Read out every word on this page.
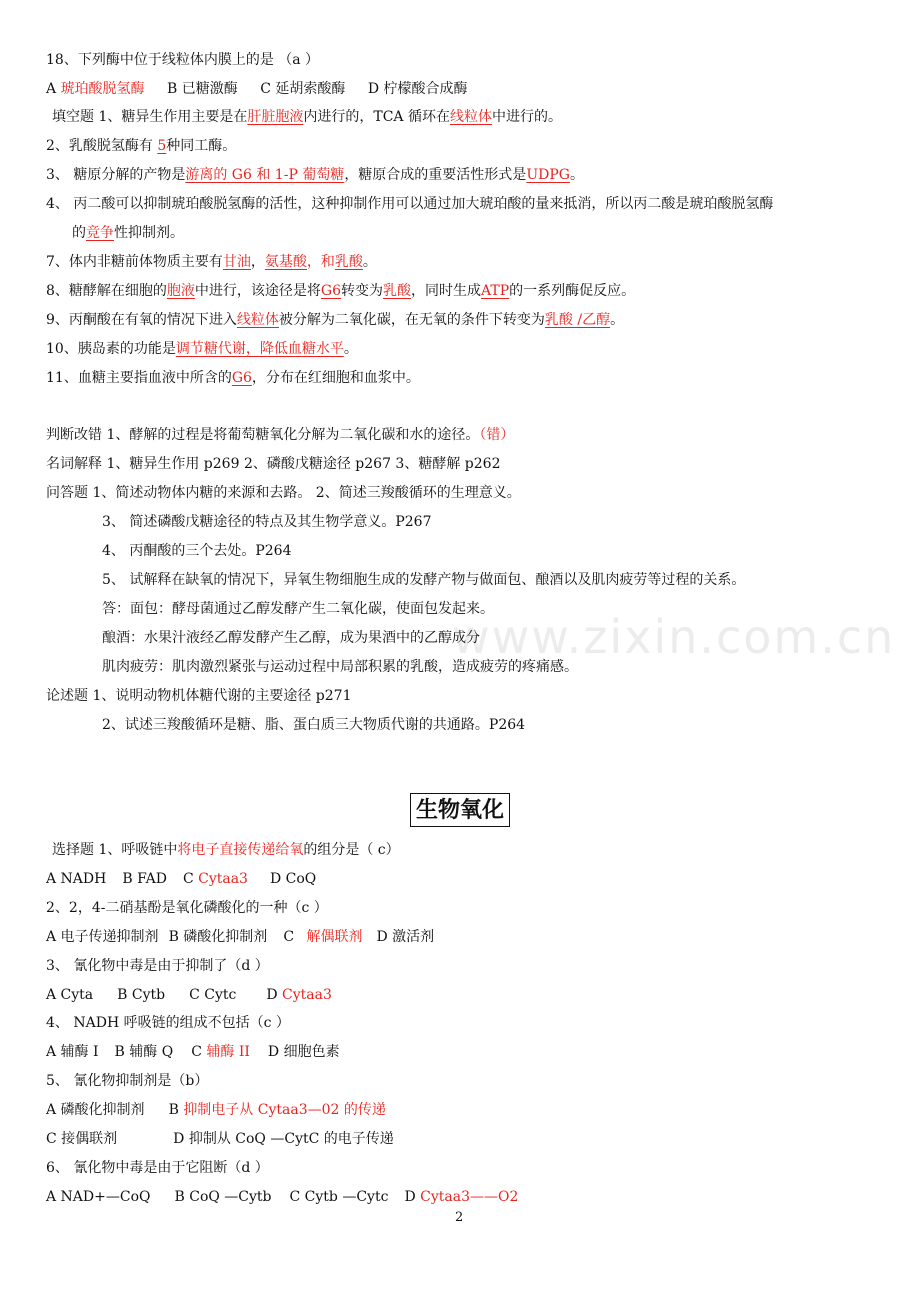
www.zixin.com.cn
18、下列酶中位于线粒体内膜上的是 （a ）
A 琥珀酸脱氢酶 B 已糖激酶 C 延胡索酸酶 D 柠檬酸合成酶
填空题 1、糖异生作用主要是在肝脏胞液内进行的，TCA 循环在线粒体中进行的。
2、乳酸脱氢酶有 5种同工酶。
3、 糖原分解的产物是游离的 G6 和 1-P 葡萄糖，糖原合成的重要活性形式是UDPG。
4、 丙二酸可以抑制琥珀酸脱氢酶的活性，这种抑制作用可以通过加大琥珀酸的量来抵消，所以丙二酸是琥珀酸脱氢酶
的竞争性抑制剂。
7、体内非糖前体物质主要有甘油，氨基酸，和乳酸。
8、糖酵解在细胞的胞液中进行，该途径是将G6转变为乳酸，同时生成ATP的一系列酶促反应。
9、丙酮酸在有氧的情况下进入线粒体被分解为二氧化碳，在无氧的条件下转变为乳酸 /乙醇。
10、胰岛素的功能是调节糖代谢，降低血糖水平。
11、血糖主要指血液中所含的G6，分布在红细胞和血浆中。
判断改错 1、酵解的过程是将葡萄糖氧化分解为二氧化碳和水的途径。（错）
名词解释 1、糖异生作用 p269 2、磷酸戊糖途径 p267 3、糖酵解 p262
问答题 1、简述动物体内糖的来源和去路。 2、简述三羧酸循环的生理意义。
3、 简述磷酸戊糖途径的特点及其生物学意义。P267
4、 丙酮酸的三个去处。P264
5、 试解释在缺氧的情况下，异氧生物细胞生成的发酵产物与做面包、酿酒以及肌肉疲劳等过程的关系。
答：面包：酵母菌通过乙醇发酵产生二氧化碳，使面包发起来。
酿酒：水果汁液经乙醇发酵产生乙醇，成为果酒中的乙醇成分
肌肉疲劳：肌肉激烈紧张与运动过程中局部积累的乳酸，造成疲劳的疼痛感。
论述题 1、说明动物机体糖代谢的主要途径 p271
2、试述三羧酸循环是糖、脂、蛋白质三大物质代谢的共通路。P264
生物氧化
选择题 1、呼吸链中将电子直接传递给氧的组分是（ c）
A NADH B FAD C Cytaa3 D CoQ
2、2，4-二硝基酚是氧化磷酸化的一种（c ）
A 电子传递抑制剂 B 磷酸化抑制剂 C 解偶联剂 D 激活剂
3、 氰化物中毒是由于抑制了（d ）
A Cyta B Cytb C Cytc D Cytaa3
4、 NADH 呼吸链的组成不包括（c ）
A 辅酶 I B 辅酶 Q C 辅酶 II D 细胞色素
5、 氰化物抑制剂是（b）
A 磷酸化抑制剂 B 抑制电子从 Cytaa3—02 的传递
C 接偶联剂	D 抑制从 CoQ —CytC 的电子传递
6、 氰化物中毒是由于它阻断（d ）
A NAD+—CoQ B CoQ —Cytb C Cytb —Cytc D Cytaa3——O2
2
